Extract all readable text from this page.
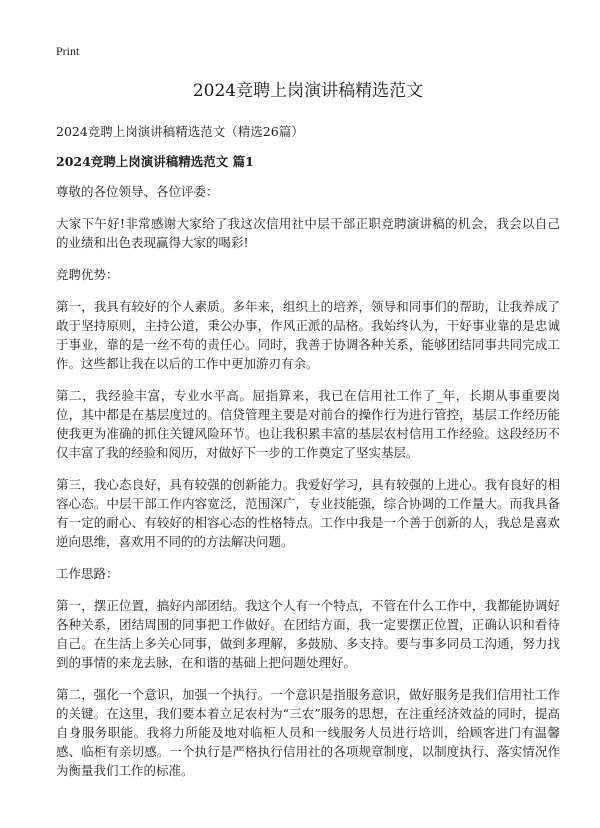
Print
2024竞聘上岗演讲稿精选范文
2024竞聘上岗演讲稿精选范文（精选26篇）
2024竞聘上岗演讲稿精选范文 篇1

尊敬的各位领导、各位评委：

大家下午好!非常感谢大家给了我这次信用社中层干部正职竞聘演讲稿的机会，我会以自己的业绩和出色表现赢得大家的喝彩!

竞聘优势：

第一，我具有较好的个人素质。多年来，组织上的培养，领导和同事们的帮助，让我养成了敢于坚持原则，主持公道，秉公办事，作风正派的品格。我始终认为，干好事业靠的是忠诚于事业，靠的是一丝不苟的责任心。同时，我善于协调各种关系，能够团结同事共同完成工作。这些都让我在以后的工作中更加游刃有余。

第二，我经验丰富，专业水平高。屈指算来，我已在信用社工作了_年，长期从事重要岗位，其中都是在基层度过的。信贷管理主要是对前台的操作行为进行管控，基层工作经历能使我更为准确的抓住关键风险环节。也让我积累丰富的基层农村信用工作经验。这段经历不仅丰富了我的经验和阅历，对做好下一步的工作奠定了坚实基层。

第三，我心态良好，具有较强的创新能力。我爱好学习，具有较强的上进心。我有良好的相容心态。中层干部工作内容宽泛，范围深广，专业技能强，综合协调的工作量大。而我具备有一定的耐心、有较好的相容心态的性格特点。工作中我是一个善于创新的人，我总是喜欢逆向思维，喜欢用不同的的方法解决问题。

工作思路：

第一，摆正位置，搞好内部团结。我这个人有一个特点，不管在什么工作中，我都能协调好各种关系，团结周围的同事把工作做好。在团结方面，我一定要摆正位置，正确认识和看待自己。在生活上多关心同事，做到多理解，多鼓励、多支持。要与事多同员工沟通，努力找到的事情的来龙去脉，在和谐的基础上把问题处理好。

第二，强化一个意识，加强一个执行。一个意识是指服务意识，做好服务是我们信用社工作的关键。在这里，我们要本着立足农村为“三农”服务的思想，在注重经济效益的同时，提高自身服务职能。我将力所能及地对临柜人员和一线服务人员进行培训，给顾客进门有温馨感、临柜有亲切感。一个执行是严格执行信用社的各项规章制度，以制度执行、落实情况作为衡量我们工作的标准。
